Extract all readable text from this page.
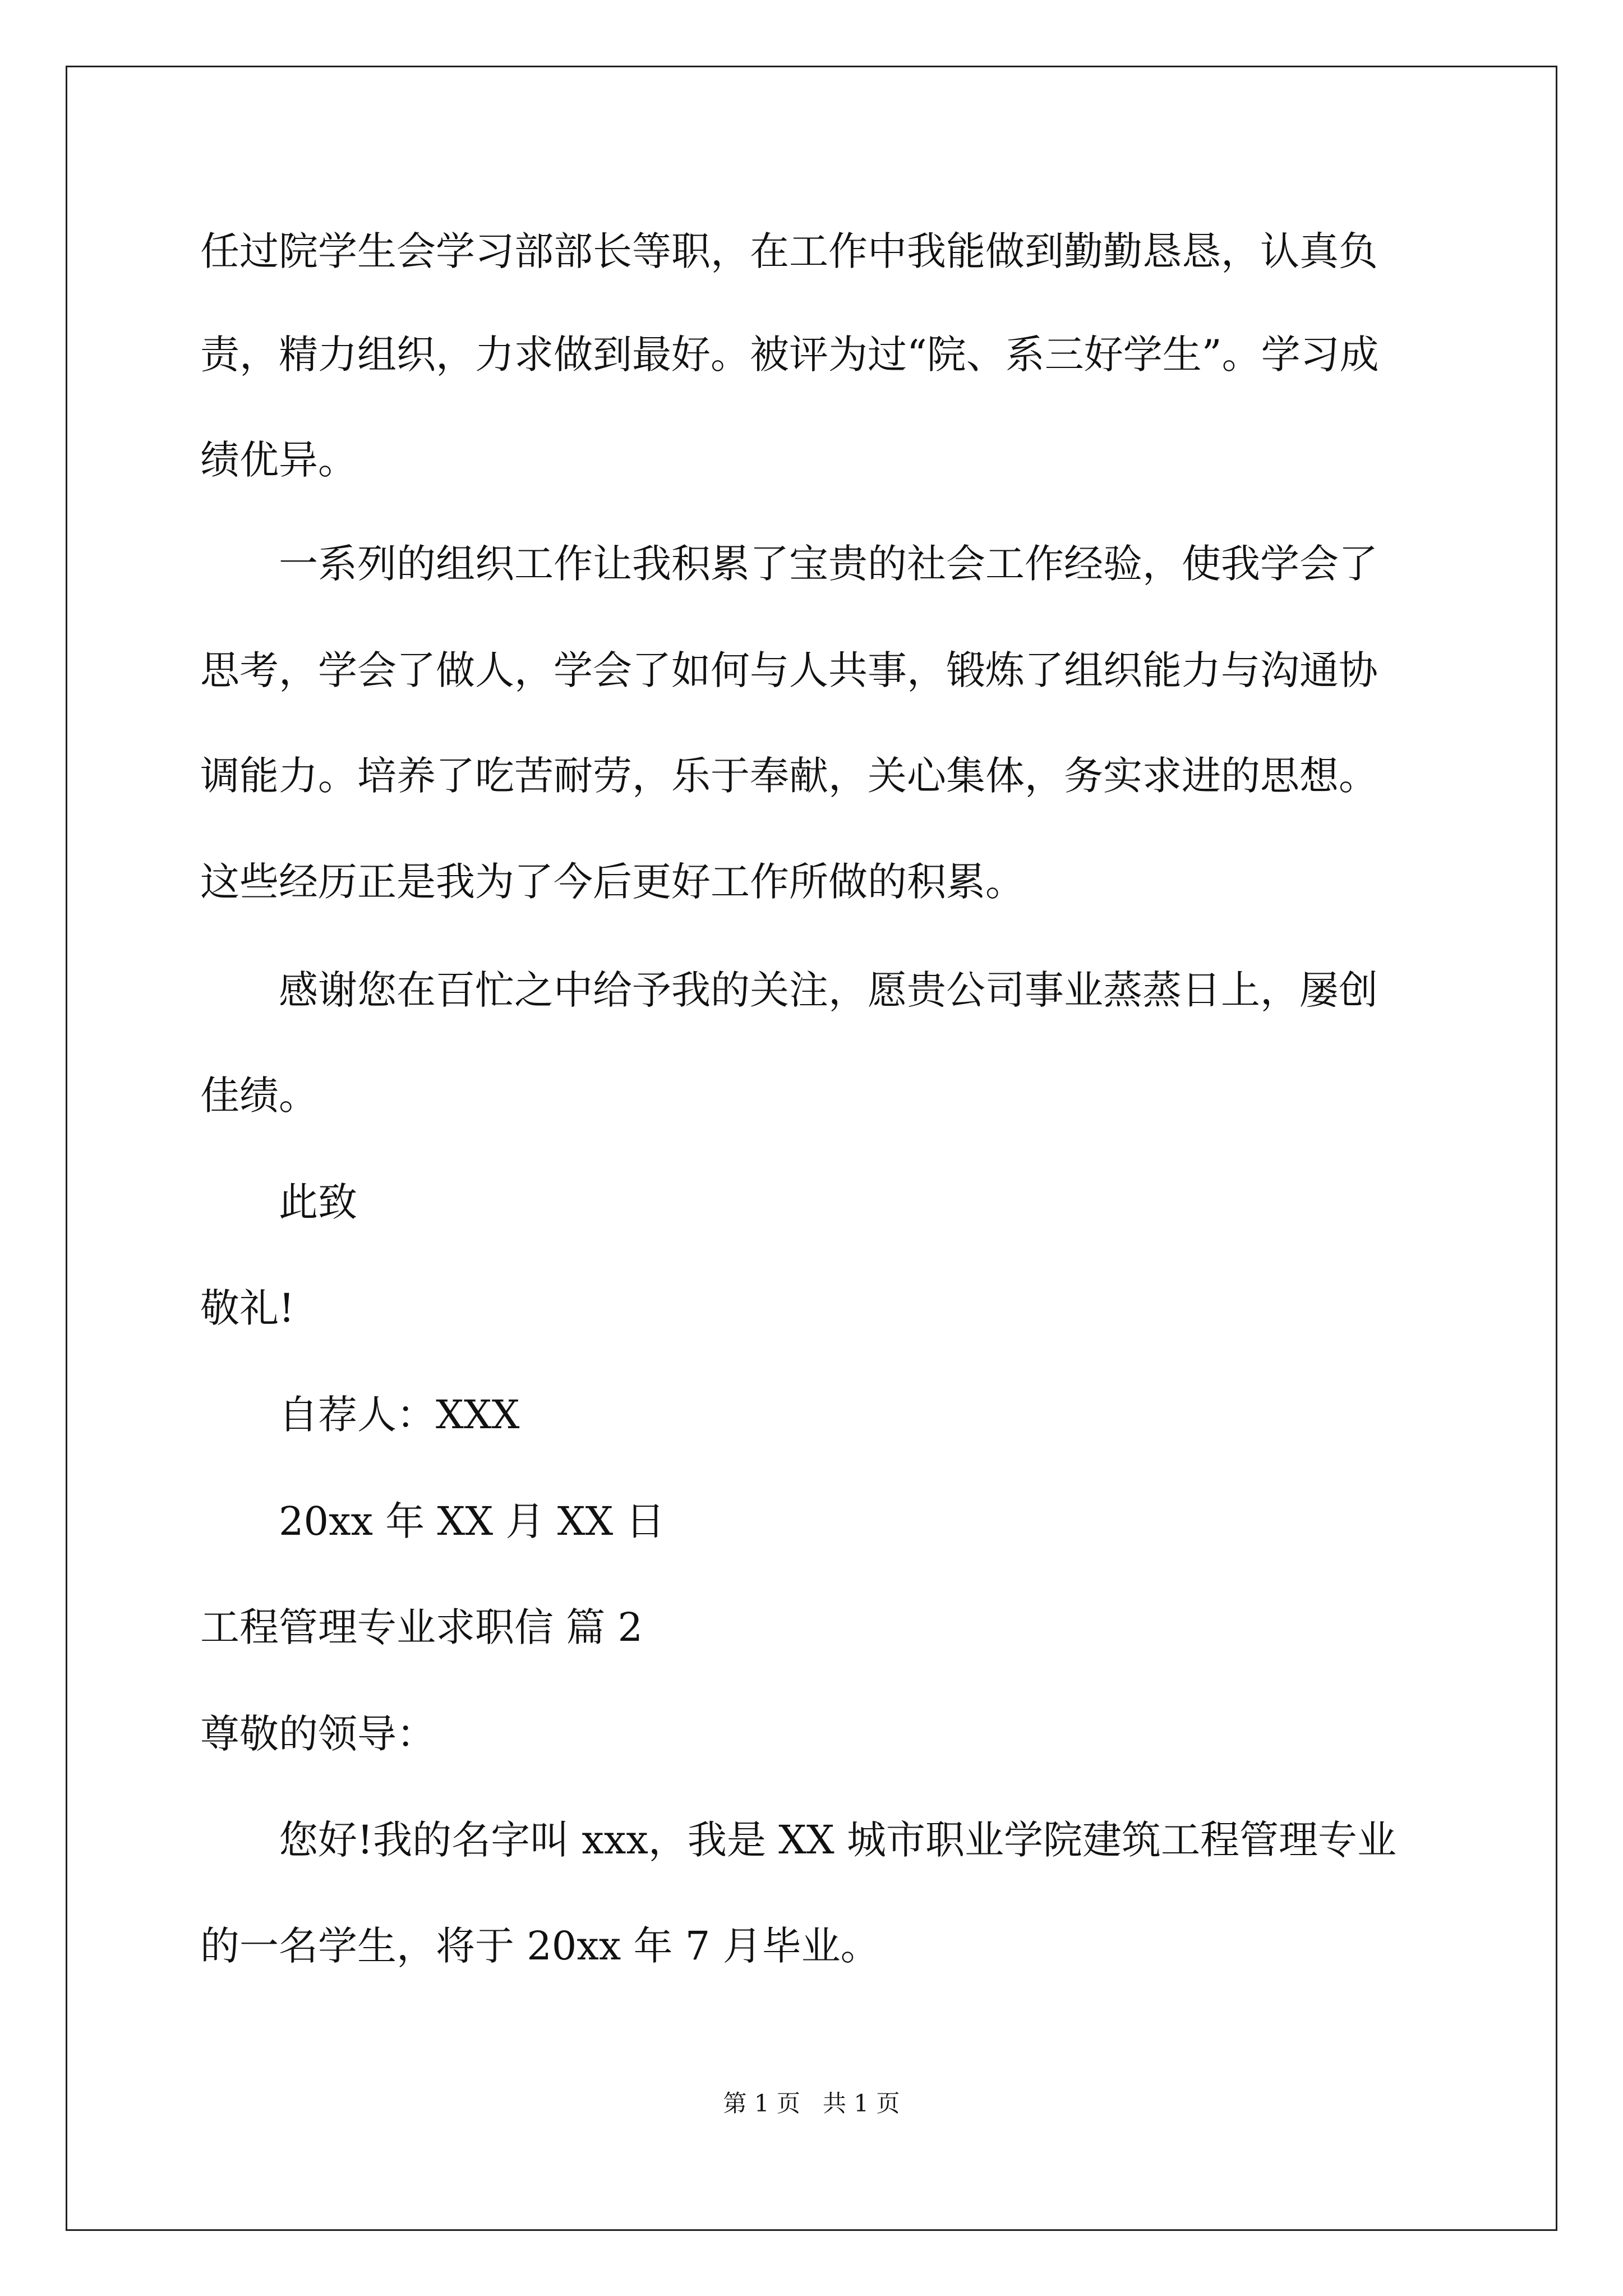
任过院学生会学习部部长等职，在工作中我能做到勤勤恳恳，认真负
责，精力组织，力求做到最好。被评为过“院、系三好学生”。学习成
绩优异。
一系列的组织工作让我积累了宝贵的社会工作经验，使我学会了
思考，学会了做人，学会了如何与人共事，锻炼了组织能力与沟通协
调能力。培养了吃苦耐劳，乐于奉献，关心集体，务实求进的思想。
这些经历正是我为了今后更好工作所做的积累。
感谢您在百忙之中给予我的关注，愿贵公司事业蒸蒸日上，屡创
佳绩。
此致
敬礼!
自荐人：XXX
20xx 年 XX 月 XX 日
工程管理专业求职信 篇 2
尊敬的领导：
您好!我的名字叫 xxx，我是 XX 城市职业学院建筑工程管理专业
的一名学生，将于 20xx 年 7 月毕业。
第 1 页   共 1 页
